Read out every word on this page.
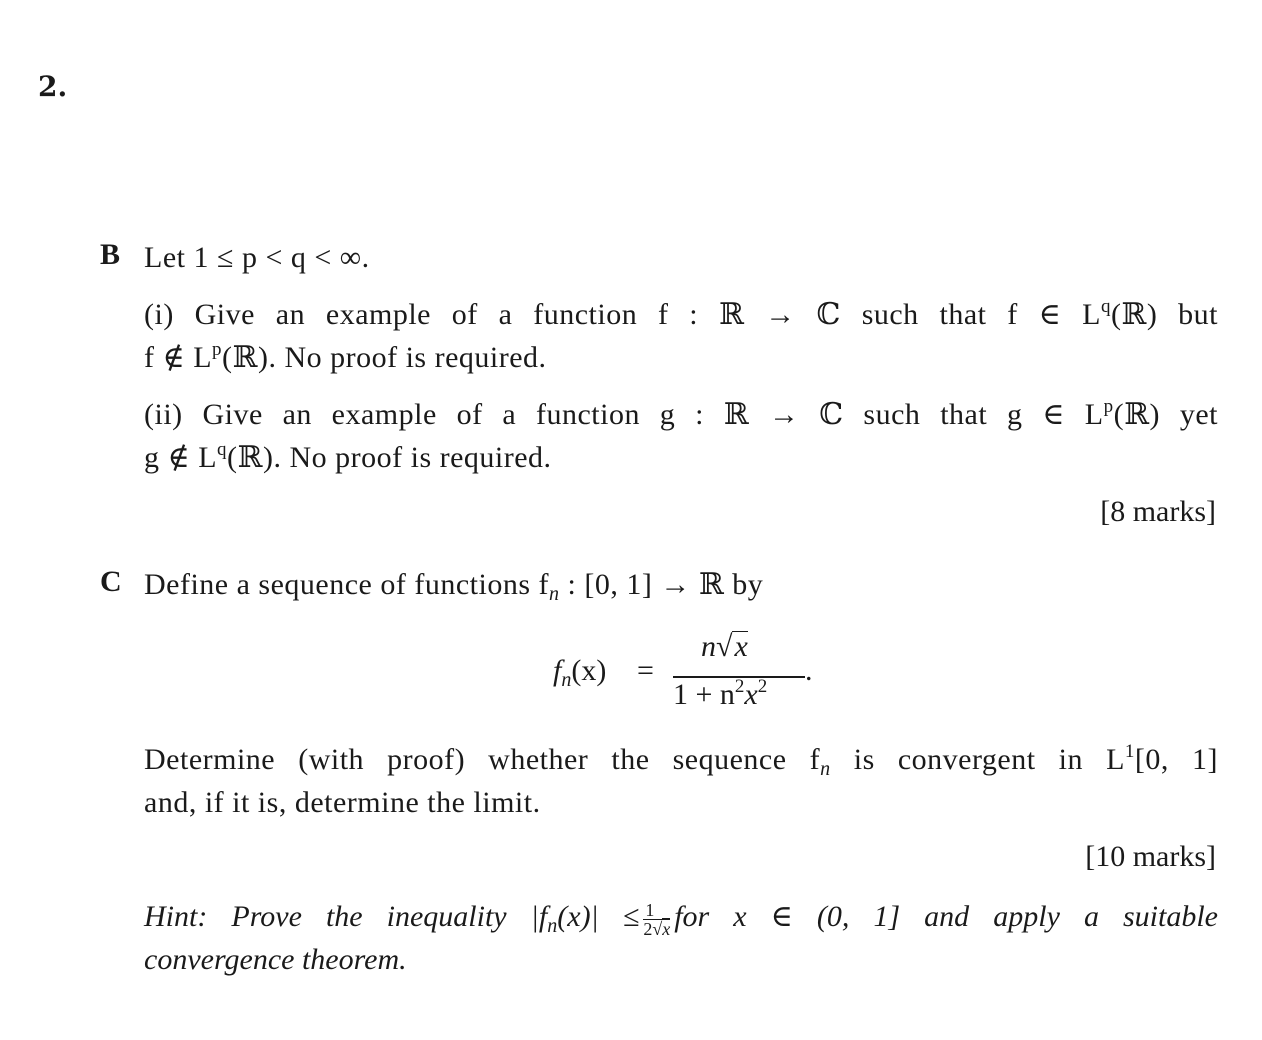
2.
B Let 1 ≤ p < q < ∞.
(i) Give an example of a function f : ℝ → ℂ such that f ∈ $L^q(ℝ)$ but
f ∉ $L^p(ℝ)$. No proof is required.
(ii) Give an example of a function g : ℝ → ℂ such that g ∈ $L^p(ℝ)$ yet
g ∉ $L^q(ℝ)$. No proof is required.
[8 marks]
C Define a sequence of functions $f_n$ : [0, 1] → ℝ by
$f_n(x)$ =
n√x
$1 + n^2x^2$ .
Determine (with proof) whether the sequence $f_n$ is convergent in $L^1[0$, 1]
and, if it is, determine the limit.
[10 marks]
Hint: Prove the inequality $|f_n(x)| \le \frac{1}{2√x}$ for x ∈ (0, 1] and apply a suitable
convergence theorem.
